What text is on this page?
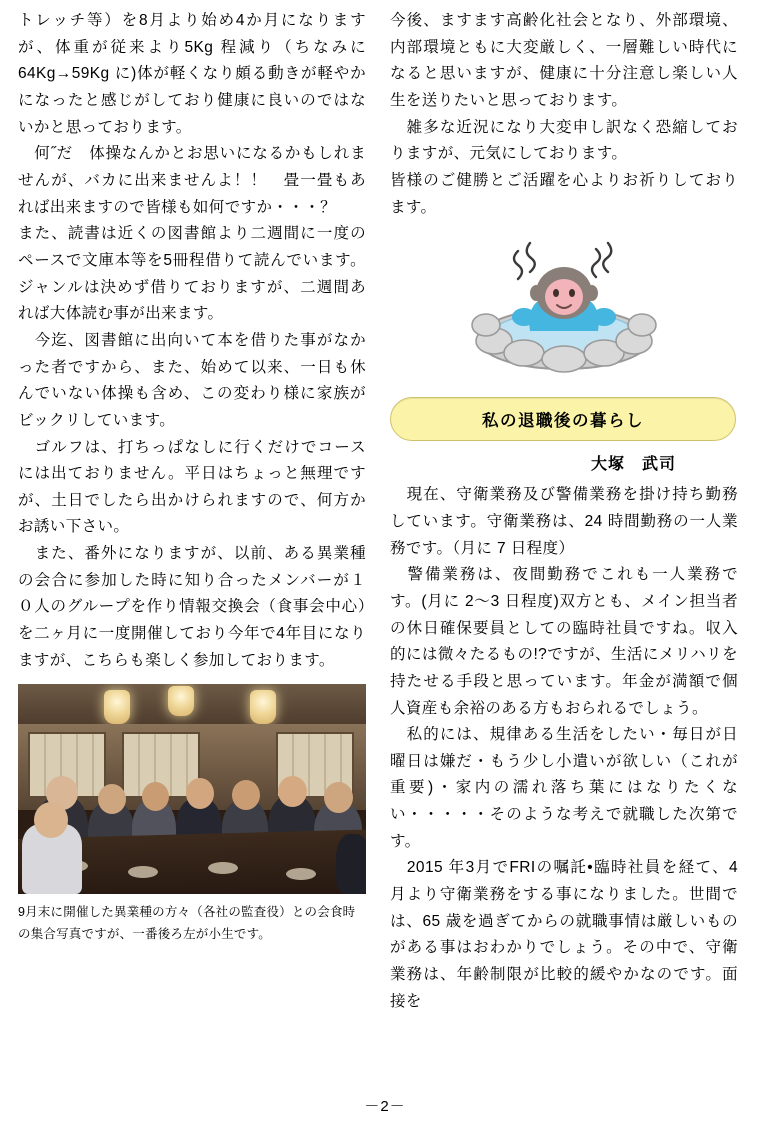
トレッチ等）を8月より始め4か月になりますが、体重が従来より5Kg 程減り（ちなみに 64Kg→59Kg に)体が軽くなり頗る動きが軽やかになったと感じがしており健康に良いのではないかと思っております。

　何˝だ　体操なんかとお思いになるかもしれませんが、バカに出来ませんよ！！　畳一畳もあれば出来ますので皆様も如何ですか・・・？

また、読書は近くの図書館より二週間に一度のペースで文庫本等を5冊程借りて読んでいます。ジャンルは決めず借りておりますが、二週間あれば大体読む事が出来ます。

　今迄、図書館に出向いて本を借りた事がなかった者ですから、また、始めて以来、一日も休んでいない体操も含め、この変わり様に家族がビックリしています。

　ゴルフは、打ちっぱなしに行くだけでコースには出ておりません。平日はちょっと無理ですが、土日でしたら出かけられますので、何方かお誘い下さい。

　また、番外になりますが、以前、ある異業種の会合に参加した時に知り合ったメンバーが１０人のグループを作り情報交換会（食事会中心）を二ヶ月に一度開催しており今年で4年目になりますが、こちらも楽しく参加しております。

9月末に開催した異業種の方々（各社の監査役）との会食時の集合写真ですが、一番後ろ左が小生です。

今後、ますます高齢化社会となり、外部環境、内部環境ともに大変厳しく、一層難しい時代になると思いますが、健康に十分注意し楽しい人生を送りたいと思っております。

　雑多な近況になり大変申し訳なく恐縮しておりますが、元気にしております。

皆様のご健勝とご活躍を心よりお祈りしております。

私の退職後の暮らし
大塚　武司

　現在、守衛業務及び警備業務を掛け持ち勤務しています。守衛業務は、24 時間勤務の一人業務です。（月に 7 日程度）

　警備業務は、夜間勤務でこれも一人業務です。(月に 2～3 日程度)双方とも、メイン担当者の休日確保要員としての臨時社員ですね。収入的には微々たるもの!?ですが、生活にメリハリを持たせる手段と思っています。年金が満額で個人資産も余裕のある方もおられるでしょう。

　私的には、規律ある生活をしたい・毎日が日曜日は嫌だ・もう少し小遣いが欲しい（これが重要)・家内の濡れ落ち葉にはなりたくない・・・・・そのような考えで就職した次第です。

　2015 年3月でFRIの嘱託•臨時社員を経て、4 月より守衛業務をする事になりました。世間では、65 歳を過ぎてからの就職事情は厳しいものがある事はおわかりでしょう。その中で、守衛業務は、年齢制限が比較的緩やかなのです。面接を

－2－
